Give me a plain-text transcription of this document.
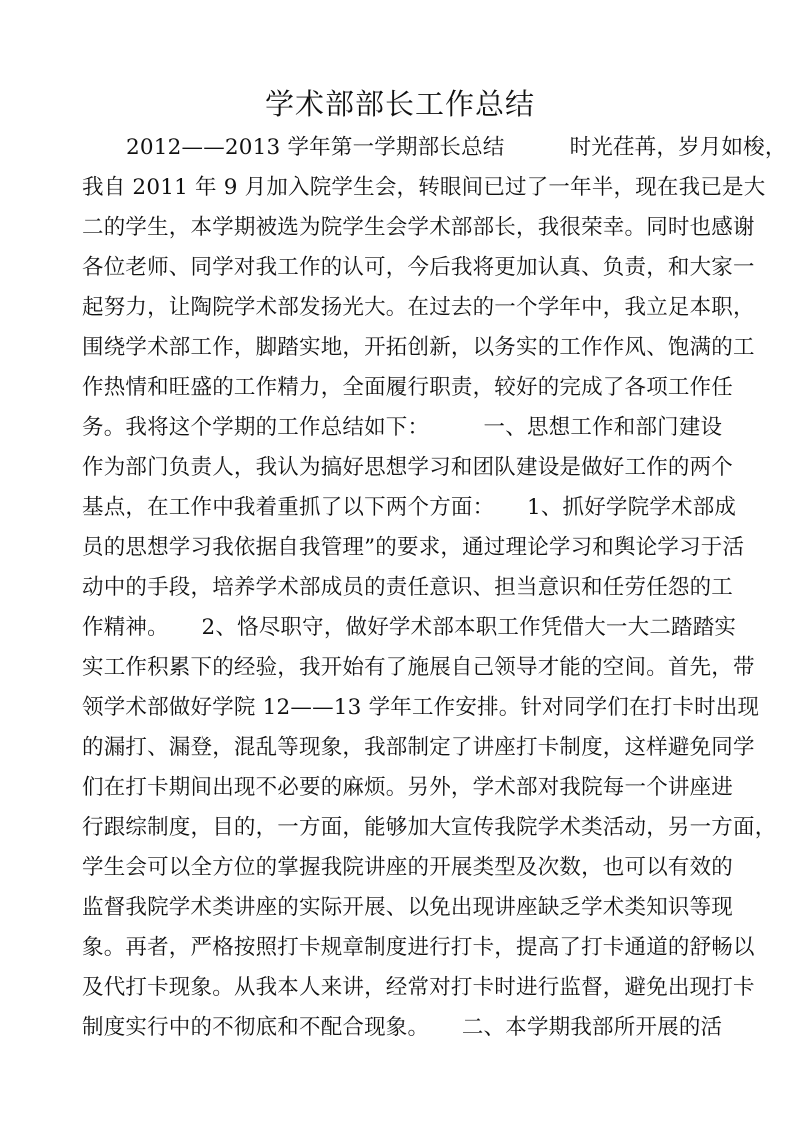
学术部部长工作总结
2012——2013 学年第一学期部长总结　　　时光荏苒，岁月如梭，
我自 2011 年 9 月加入院学生会，转眼间已过了一年半，现在我已是大
二的学生，本学期被选为院学生会学术部部长，我很荣幸。同时也感谢
各位老师、同学对我工作的认可，今后我将更加认真、负责，和大家一
起努力，让陶院学术部发扬光大。在过去的一个学年中，我立足本职，
围绕学术部工作，脚踏实地，开拓创新，以务实的工作作风、饱满的工
作热情和旺盛的工作精力，全面履行职责，较好的完成了各项工作任
务。我将这个学期的工作总结如下：　　　一、思想工作和部门建设
作为部门负责人，我认为搞好思想学习和团队建设是做好工作的两个
基点，在工作中我着重抓了以下两个方面：　　1、抓好学院学术部成
员的思想学习我依据自我管理”的要求，通过理论学习和舆论学习于活
动中的手段，培养学术部成员的责任意识、担当意识和任劳任怨的工
作精神。　　2、恪尽职守，做好学术部本职工作凭借大一大二踏踏实
实工作积累下的经验，我开始有了施展自己领导才能的空间。首先，带
领学术部做好学院 12——13 学年工作安排。针对同学们在打卡时出现
的漏打、漏登，混乱等现象，我部制定了讲座打卡制度，这样避免同学
们在打卡期间出现不必要的麻烦。另外，学术部对我院每一个讲座进
行跟综制度，目的，一方面，能够加大宣传我院学术类活动，另一方面，
学生会可以全方位的掌握我院讲座的开展类型及次数，也可以有效的
监督我院学术类讲座的实际开展、以免出现讲座缺乏学术类知识等现
象。再者，严格按照打卡规章制度进行打卡，提高了打卡通道的舒畅以
及代打卡现象。从我本人来讲，经常对打卡时进行监督，避免出现打卡
制度实行中的不彻底和不配合现象。　　二、本学期我部所开展的活
